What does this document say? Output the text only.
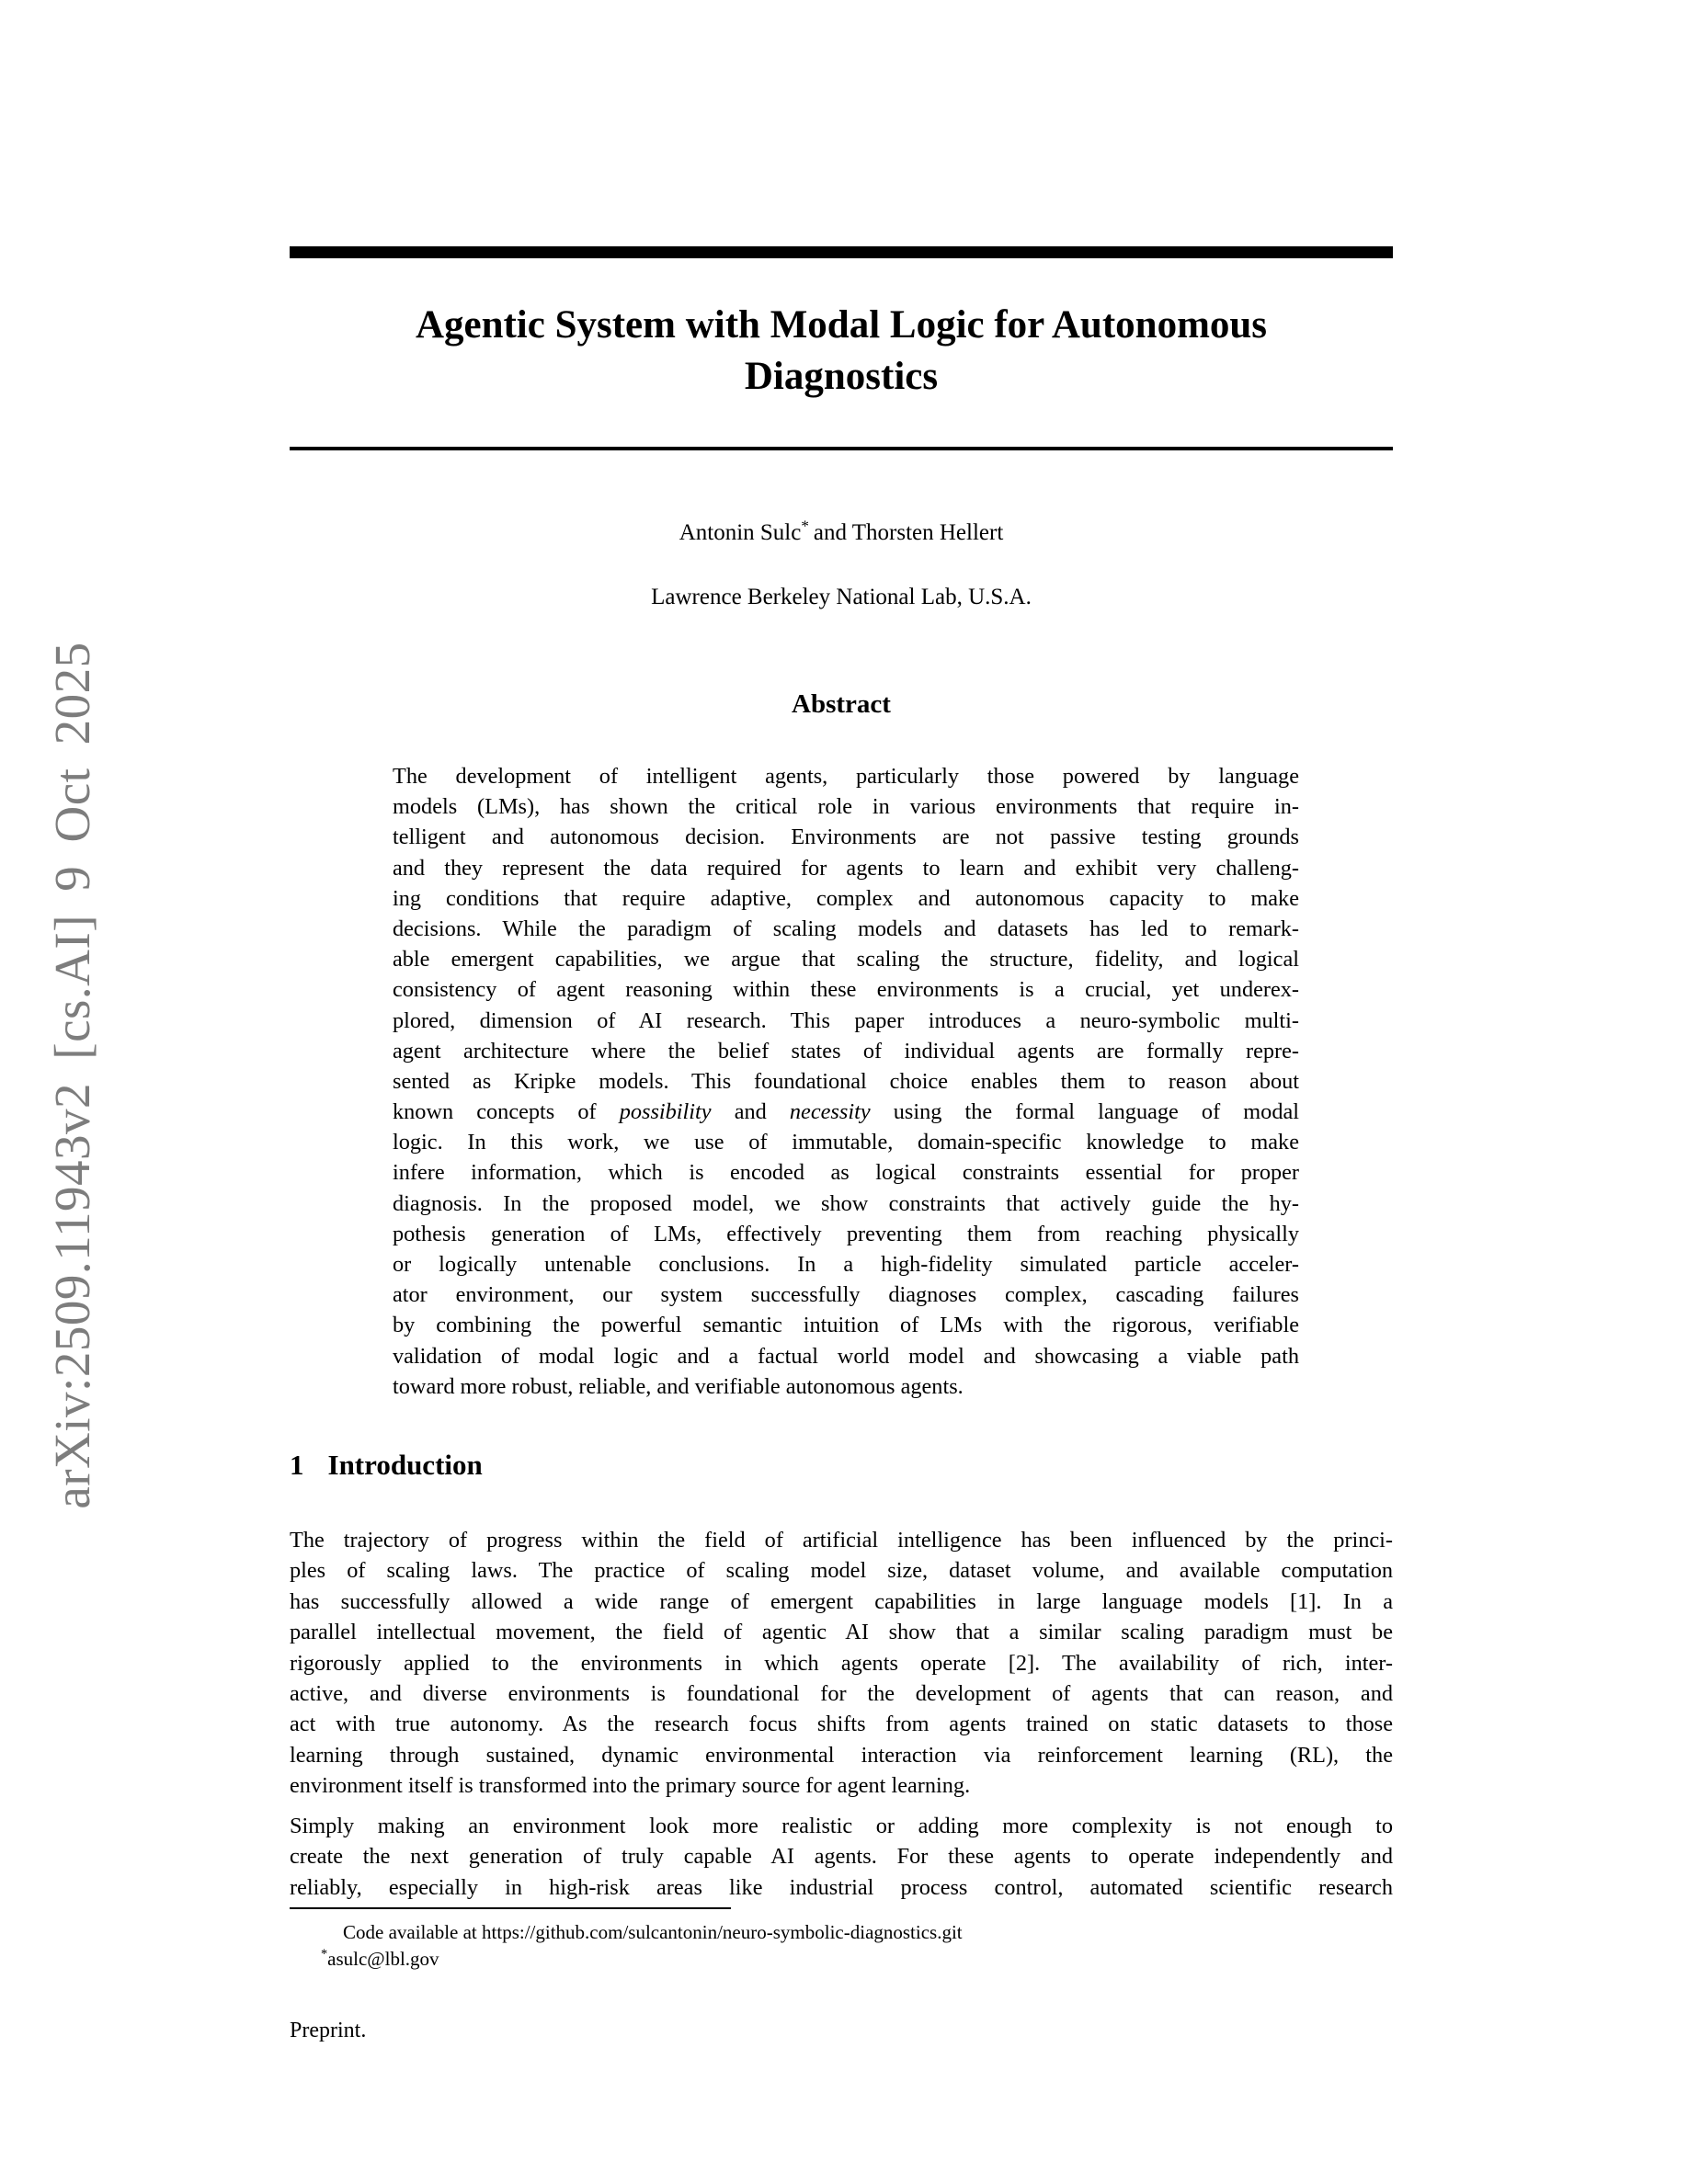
arXiv:2509.11943v2 [cs.AI] 9 Oct 2025
Agentic System with Modal Logic for Autonomous
Diagnostics
Antonin Sulc* and Thorsten Hellert
Lawrence Berkeley National Lab, U.S.A.
Abstract
The development of intelligent agents, particularly those powered by language
models (LMs), has shown the critical role in various environments that require in-
telligent and autonomous decision. Environments are not passive testing grounds
and they represent the data required for agents to learn and exhibit very challeng-
ing conditions that require adaptive, complex and autonomous capacity to make
decisions. While the paradigm of scaling models and datasets has led to remark-
able emergent capabilities, we argue that scaling the structure, fidelity, and logical
consistency of agent reasoning within these environments is a crucial, yet underex-
plored, dimension of AI research. This paper introduces a neuro-symbolic multi-
agent architecture where the belief states of individual agents are formally repre-
sented as Kripke models. This foundational choice enables them to reason about
known concepts of possibility and necessity using the formal language of modal
logic. In this work, we use of immutable, domain-specific knowledge to make
infere information, which is encoded as logical constraints essential for proper
diagnosis. In the proposed model, we show constraints that actively guide the hy-
pothesis generation of LMs, effectively preventing them from reaching physically
or logically untenable conclusions. In a high-fidelity simulated particle acceler-
ator environment, our system successfully diagnoses complex, cascading failures
by combining the powerful semantic intuition of LMs with the rigorous, verifiable
validation of modal logic and a factual world model and showcasing a viable path
toward more robust, reliable, and verifiable autonomous agents.
1 Introduction
The trajectory of progress within the field of artificial intelligence has been influenced by the princi-
ples of scaling laws. The practice of scaling model size, dataset volume, and available computation
has successfully allowed a wide range of emergent capabilities in large language models [1]. In a
parallel intellectual movement, the field of agentic AI show that a similar scaling paradigm must be
rigorously applied to the environments in which agents operate [2]. The availability of rich, inter-
active, and diverse environments is foundational for the development of agents that can reason, and
act with true autonomy. As the research focus shifts from agents trained on static datasets to those
learning through sustained, dynamic environmental interaction via reinforcement learning (RL), the
environment itself is transformed into the primary source for agent learning.
Simply making an environment look more realistic or adding more complexity is not enough to
create the next generation of truly capable AI agents. For these agents to operate independently and
reliably, especially in high-risk areas like industrial process control, automated scientific research
Code available at https://github.com/sulcantonin/neuro-symbolic-diagnostics.git
*asulc@lbl.gov
Preprint.
